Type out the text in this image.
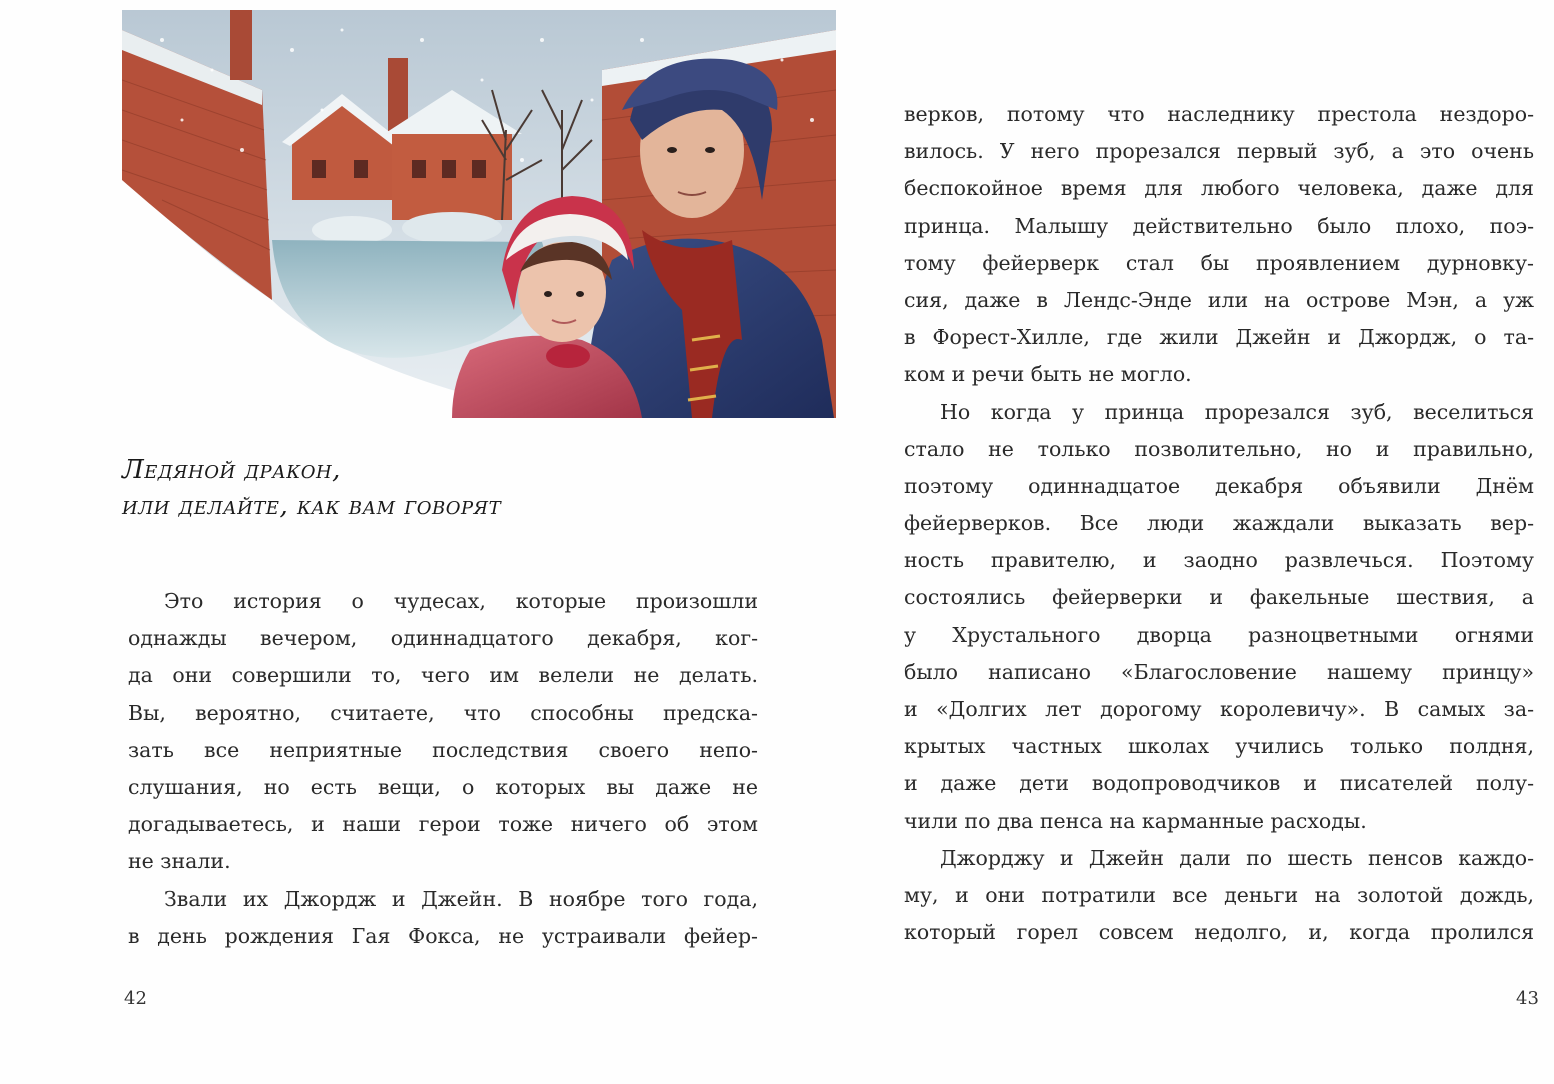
Ледяной дракон,
или делайте, как вам говорят
Это история о чудесах, которые произошли
однажды вечером, одиннадцатого декабря, ког-
да они совершили то, чего им велели не делать.
Вы, вероятно, считаете, что способны предска-
зать все неприятные последствия своего непо-
слушания, но есть вещи, о которых вы даже не
догадываетесь, и наши герои тоже ничего об этом
не знали.
Звали их Джордж и Джейн. В ноябре того года,
в день рождения Гая Фокса, не устраивали фейер-
42
верков, потому что наследнику престола нездоро-
вилось. У него прорезался первый зуб, а это очень
беспокойное время для любого человека, даже для
принца. Малышу действительно было плохо, поэ-
тому фейерверк стал бы проявлением дурновку-
сия, даже в Лендс-Энде или на острове Мэн, а уж
в Форест-Хилле, где жили Джейн и Джордж, о та-
ком и речи быть не могло.
Но когда у принца прорезался зуб, веселиться
стало не только позволительно, но и правильно,
поэтому одиннадцатое декабря объявили Днём
фейерверков. Все люди жаждали выказать вер-
ность правителю, и заодно развлечься. Поэтому
состоялись фейерверки и факельные шествия, а
у Хрустального дворца разноцветными огнями
было написано «Благословение нашему принцу»
и «Долгих лет дорогому королевичу». В самых за-
крытых частных школах учились только полдня,
и даже дети водопроводчиков и писателей полу-
чили по два пенса на карманные расходы.
Джорджу и Джейн дали по шесть пенсов каждо-
му, и они потратили все деньги на золотой дождь,
который горел совсем недолго, и, когда пролился
43
